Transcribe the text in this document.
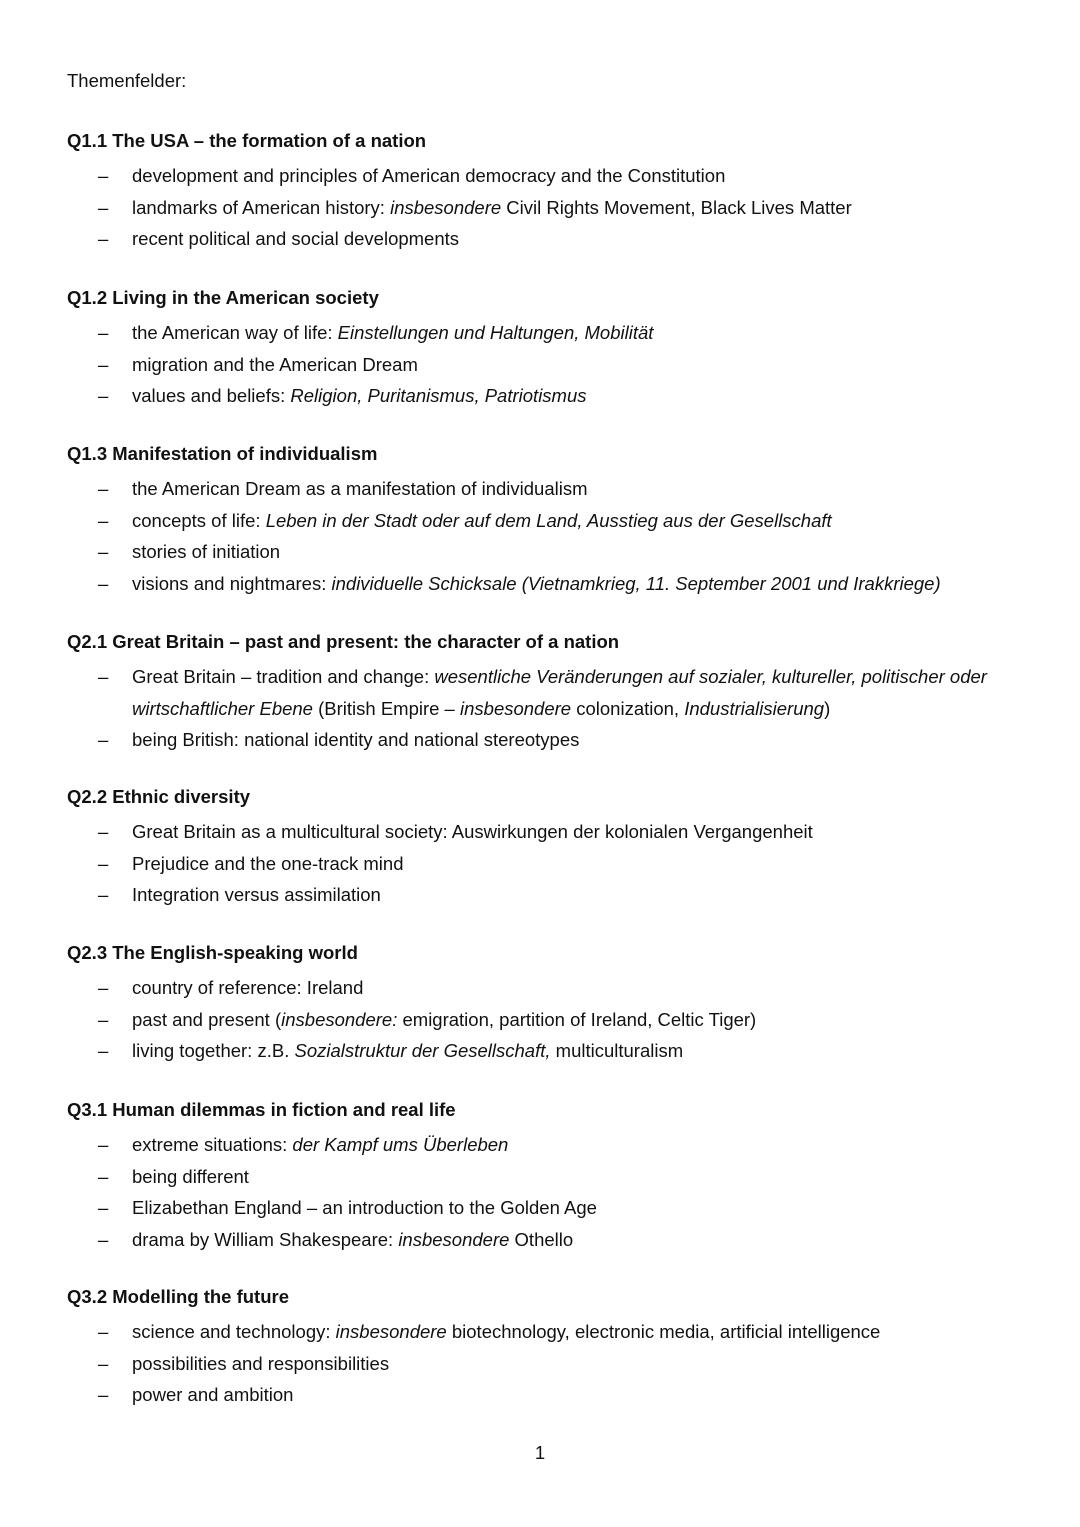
Themenfelder:
Q1.1 The USA – the formation of a nation
– development and principles of American democracy and the Constitution
– landmarks of American history: insbesondere Civil Rights Movement, Black Lives Matter
– recent political and social developments
Q1.2 Living in the American society
– the American way of life: Einstellungen und Haltungen, Mobilität
– migration and the American Dream
– values and beliefs: Religion, Puritanismus, Patriotismus
Q1.3 Manifestation of individualism
– the American Dream as a manifestation of individualism
– concepts of life: Leben in der Stadt oder auf dem Land, Ausstieg aus der Gesellschaft
– stories of initiation
– visions and nightmares: individuelle Schicksale (Vietnamkrieg, 11. September 2001 und Irakkriege)
Q2.1 Great Britain – past and present: the character of a nation
– Great Britain – tradition and change: wesentliche Veränderungen auf sozialer, kultureller, politischer oder wirtschaftlicher Ebene (British Empire – insbesondere colonization, Industrialisierung)
– being British: national identity and national stereotypes
Q2.2 Ethnic diversity
– Great Britain as a multicultural society: Auswirkungen der kolonialen Vergangenheit
– Prejudice and the one-track mind
– Integration versus assimilation
Q2.3 The English-speaking world
– country of reference: Ireland
– past and present (insbesondere: emigration, partition of Ireland, Celtic Tiger)
– living together: z.B. Sozialstruktur der Gesellschaft, multiculturalism
Q3.1 Human dilemmas in fiction and real life
– extreme situations: der Kampf ums Überleben
– being different
– Elizabethan England – an introduction to the Golden Age
– drama by William Shakespeare: insbesondere Othello
Q3.2 Modelling the future
– science and technology: insbesondere biotechnology, electronic media, artificial intelligence
– possibilities and responsibilities
– power and ambition
1
